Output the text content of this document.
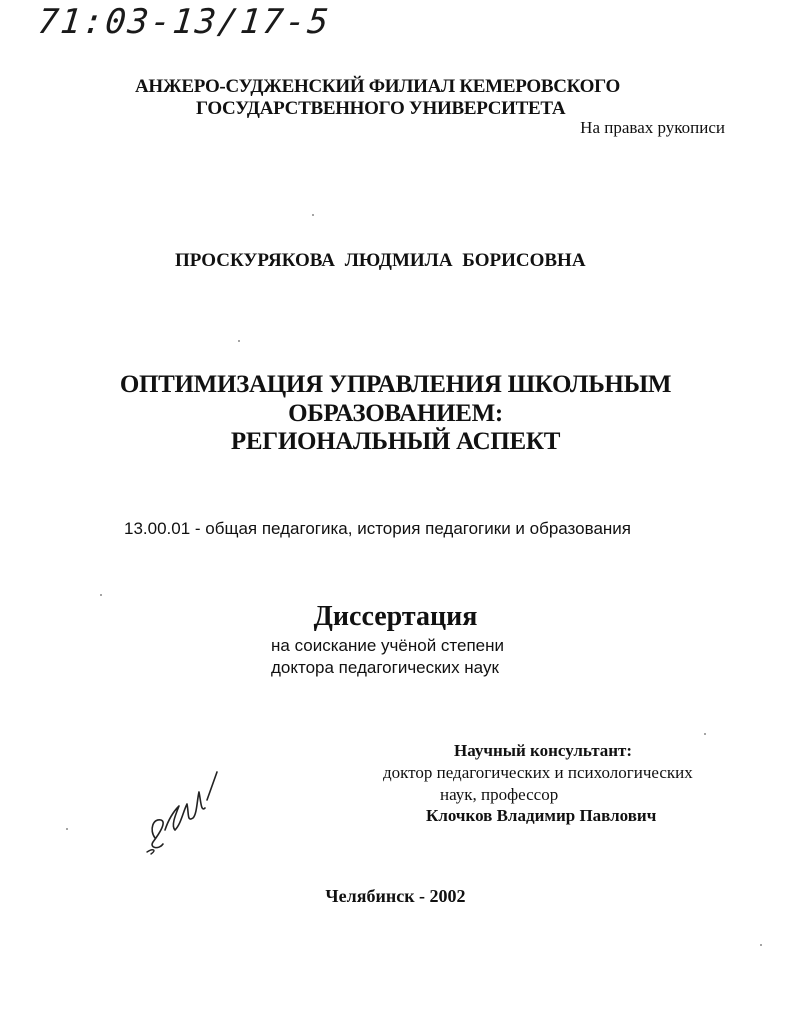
71:03-13/17-5
АНЖЕРО-СУДЖЕНСКИЙ ФИЛИАЛ КЕМЕРОВСКОГО
ГОСУДАРСТВЕННОГО УНИВЕРСИТЕТА
На правах рукописи
ПРОСКУРЯКОВА ЛЮДМИЛА БОРИСОВНА
ОПТИМИЗАЦИЯ УПРАВЛЕНИЯ ШКОЛЬНЫМ
ОБРАЗОВАНИЕМ:
РЕГИОНАЛЬНЫЙ АСПЕКТ
13.00.01 - общая педагогика, история педагогики и образования
Диссертация
на соискание учёной степени
доктора педагогических наук
Научный консультант:
доктор педагогических и психологических
наук, профессор
Клочков Владимир Павлович
Челябинск - 2002
